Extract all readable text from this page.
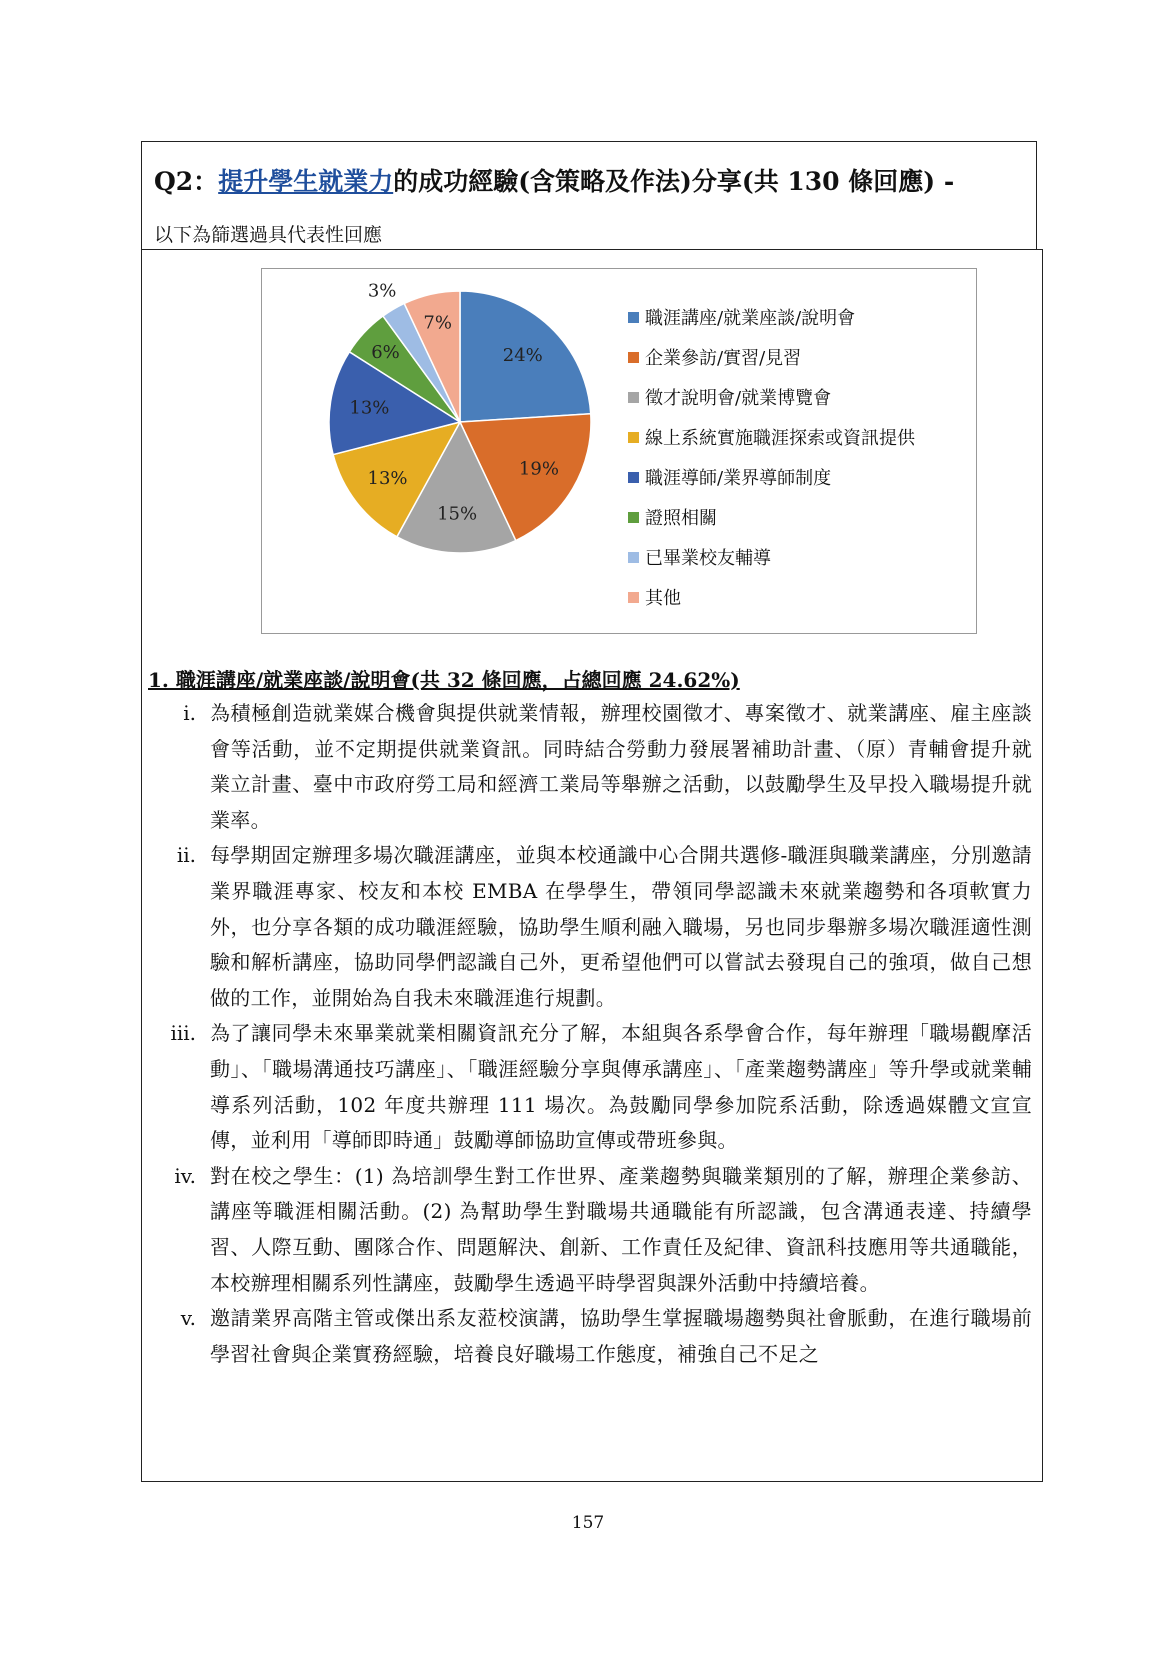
Q2：提升學生就業力的成功經驗(含策略及作法)分享(共 130 條回應) -
以下為篩選過具代表性回應
24%
19%
15%
13%
13%
6%
3%
7%	職涯講座/就業座談/說明會
企業參訪/實習/見習
徵才說明會/就業博覽會
線上系統實施職涯探索或資訊提供
職涯導師/業界導師制度
證照相關
已畢業校友輔導
其他
1. 職涯講座/就業座談/說明會(共 32 條回應，占總回應 24.62%)
i. 為積極創造就業媒合機會與提供就業情報，辦理校園徵才、專案徵才、就業講座、雇主座談會等活動，並不定期提供就業資訊。同時結合勞動力發展署補助計畫、（原）青輔會提升就業立計畫、臺中市政府勞工局和經濟工業局等舉辦之活動，以鼓勵學生及早投入職場提升就業率。
ii. 每學期固定辦理多場次職涯講座，並與本校通識中心合開共選修-職涯與職業講座，分別邀請業界職涯專家、校友和本校 EMBA 在學學生，帶領同學認識未來就業趨勢和各項軟實力外，也分享各類的成功職涯經驗，協助學生順利融入職場，另也同步舉辦多場次職涯適性測驗和解析講座，協助同學們認識自己外，更希望他們可以嘗試去發現自己的強項，做自己想做的工作，並開始為自我未來職涯進行規劃。
iii. 為了讓同學未來畢業就業相關資訊充分了解，本組與各系學會合作，每年辦理「職場觀摩活動」、「職場溝通技巧講座」、「職涯經驗分享與傳承講座」、「產業趨勢講座」等升學或就業輔導系列活動，102 年度共辦理 111 場次。為鼓勵同學參加院系活動，除透過媒體文宣宣傳，並利用「導師即時通」鼓勵導師協助宣傳或帶班參與。
iv. 對在校之學生：(1) 為培訓學生對工作世界、產業趨勢與職業類別的了解，辦理企業參訪、講座等職涯相關活動。(2) 為幫助學生對職場共通職能有所認識，包含溝通表達、持續學習、人際互動、團隊合作、問題解決、創新、工作責任及紀律、資訊科技應用等共通職能，本校辦理相關系列性講座，鼓勵學生透過平時學習與課外活動中持續培養。
v. 邀請業界高階主管或傑出系友蒞校演講，協助學生掌握職場趨勢與社會脈動，在進行職場前學習社會與企業實務經驗，培養良好職場工作態度，補強自己不足之
157
